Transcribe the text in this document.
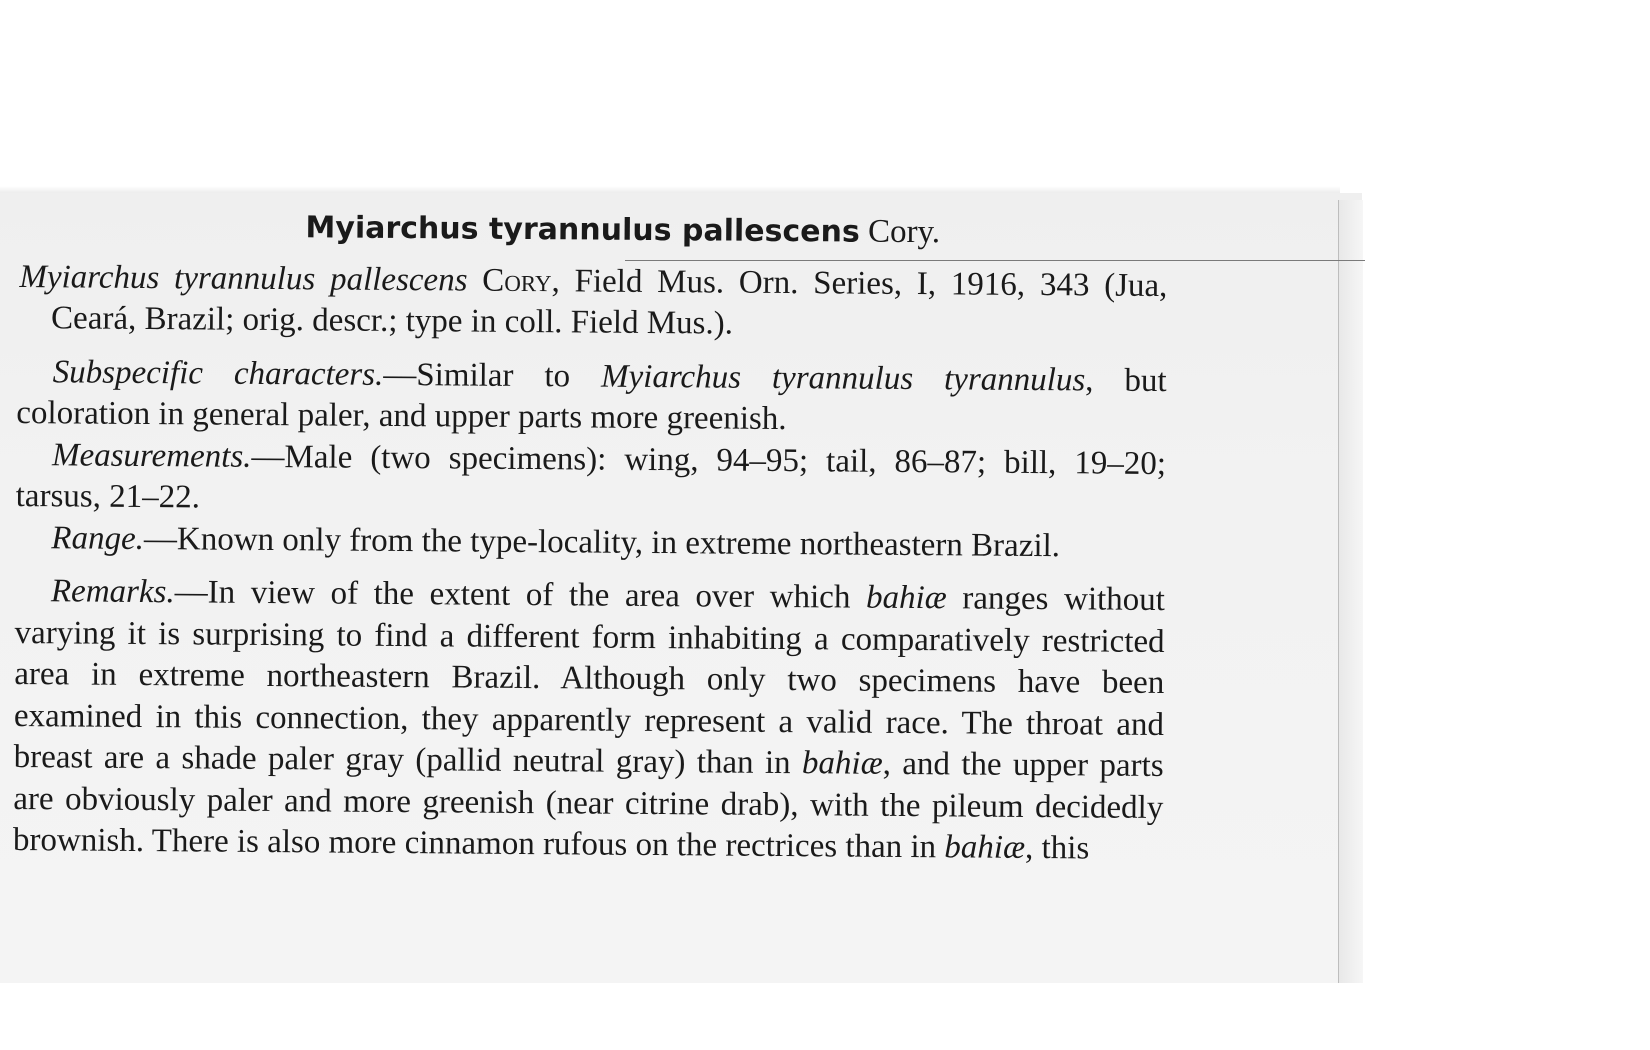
Myiarchus tyrannulus pallescens Cory.

Myiarchus tyrannulus pallescens Cory, Field Mus. Orn. Series, I, 1916, 343 (Jua, Ceará, Brazil; orig. descr.; type in coll. Field Mus.).

Subspecific characters.—Similar to Myiarchus tyrannulus tyrannulus, but coloration in general paler, and upper parts more greenish.

Measurements.—Male (two specimens): wing, 94–95; tail, 86–87; bill, 19–20; tarsus, 21–22.

Range.—Known only from the type-locality, in extreme northeastern Brazil.

Remarks.—In view of the extent of the area over which bahiæ ranges without varying it is surprising to find a different form inhabiting a comparatively restricted area in extreme northeastern Brazil. Although only two specimens have been examined in this connection, they apparently represent a valid race. The throat and breast are a shade paler gray (pallid neutral gray) than in bahiæ, and the upper parts are obviously paler and more greenish (near citrine drab), with the pileum decidedly brownish. There is also more cinnamon rufous on the rectrices than in bahiæ, this
